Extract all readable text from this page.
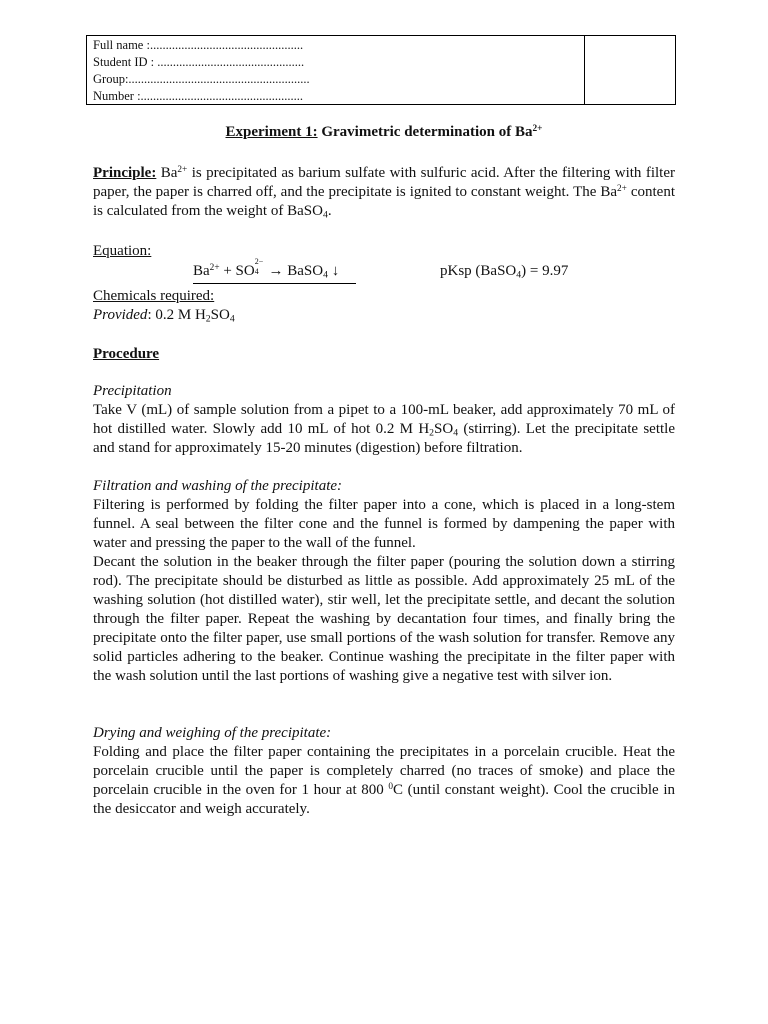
Full name :.................................................
Student ID : ...............................................
Group:..........................................................
Number :....................................................
Experiment 1: Gravimetric determination of $Ba^{2+}$
Principle: $Ba^{2+}$ is precipitated as barium sulfate with sulfuric acid. After the filtering with filter paper, the paper is charred off, and the precipitate is ignited to constant weight. The $Ba^{2+}$ content is calculated from the weight of BaSO$_4$.
Equation:
$Ba^{2+}$ + SO
2−
4 → BaSO$_4$ ↓	pKsp (BaSO$_4$) = 9.97
Chemicals required:
Provided: 0.2 M $H_2SO_4$
Procedure
Precipitation
Take V (mL) of sample solution from a pipet to a 100-mL beaker, add approximately 70 mL of hot distilled water. Slowly add 10 mL of hot 0.2 M $H_2SO_4$ (stirring). Let the precipitate settle and stand for approximately 15-20 minutes (digestion) before filtration.
Filtration and washing of the precipitate:
Filtering is performed by folding the filter paper into a cone, which is placed in a long-stem funnel. A seal between the filter cone and the funnel is formed by dampening the paper with water and pressing the paper to the wall of the funnel.
Decant the solution in the beaker through the filter paper (pouring the solution down a stirring rod). The precipitate should be disturbed as little as possible. Add approximately 25 mL of the washing solution (hot distilled water), stir well, let the precipitate settle, and decant the solution through the filter paper. Repeat the washing by decantation four times, and finally bring the precipitate onto the filter paper, use small portions of the wash solution for transfer. Remove any solid particles adhering to the beaker. Continue washing the precipitate in the filter paper with the wash solution until the last portions of washing give a negative test with silver ion.
Drying and weighing of the precipitate:
Folding and place the filter paper containing the precipitates in a porcelain crucible. Heat the porcelain crucible until the paper is completely charred (no traces of smoke) and place the porcelain crucible in the oven for 1 hour at 800 $^0$C (until constant weight). Cool the crucible in the desiccator and weigh accurately.
